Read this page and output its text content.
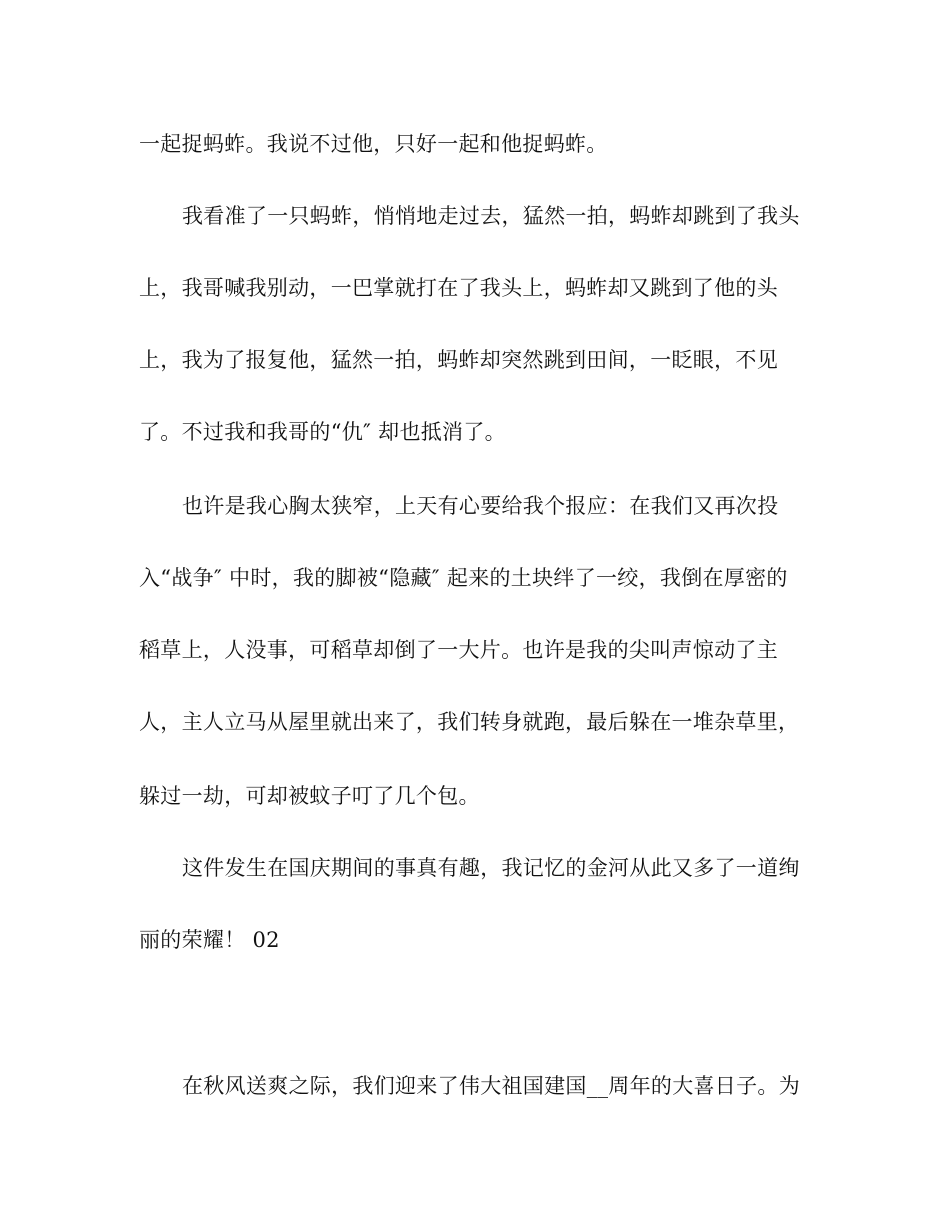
一起捉蚂蚱。我说不过他，只好一起和他捉蚂蚱。
我看准了一只蚂蚱，悄悄地走过去，猛然一拍，蚂蚱却跳到了我头
上，我哥喊我别动，一巴掌就打在了我头上，蚂蚱却又跳到了他的头
上，我为了报复他，猛然一拍，蚂蚱却突然跳到田间，一眨眼，不见
了。不过我和我哥的“仇″ 却也抵消了。
也许是我心胸太狭窄，上天有心要给我个报应：在我们又再次投
入“战争″ 中时，我的脚被“隐藏″ 起来的土块绊了一绞，我倒在厚密的
稻草上，人没事，可稻草却倒了一大片。也许是我的尖叫声惊动了主
人，主人立马从屋里就出来了，我们转身就跑，最后躲在一堆杂草里，
躲过一劫，可却被蚊子叮了几个包。
这件发生在国庆期间的事真有趣，我记忆的金河从此又多了一道绚
丽的荣耀！ 02
在秋风送爽之际，我们迎来了伟大祖国建国__周年的大喜日子。为
